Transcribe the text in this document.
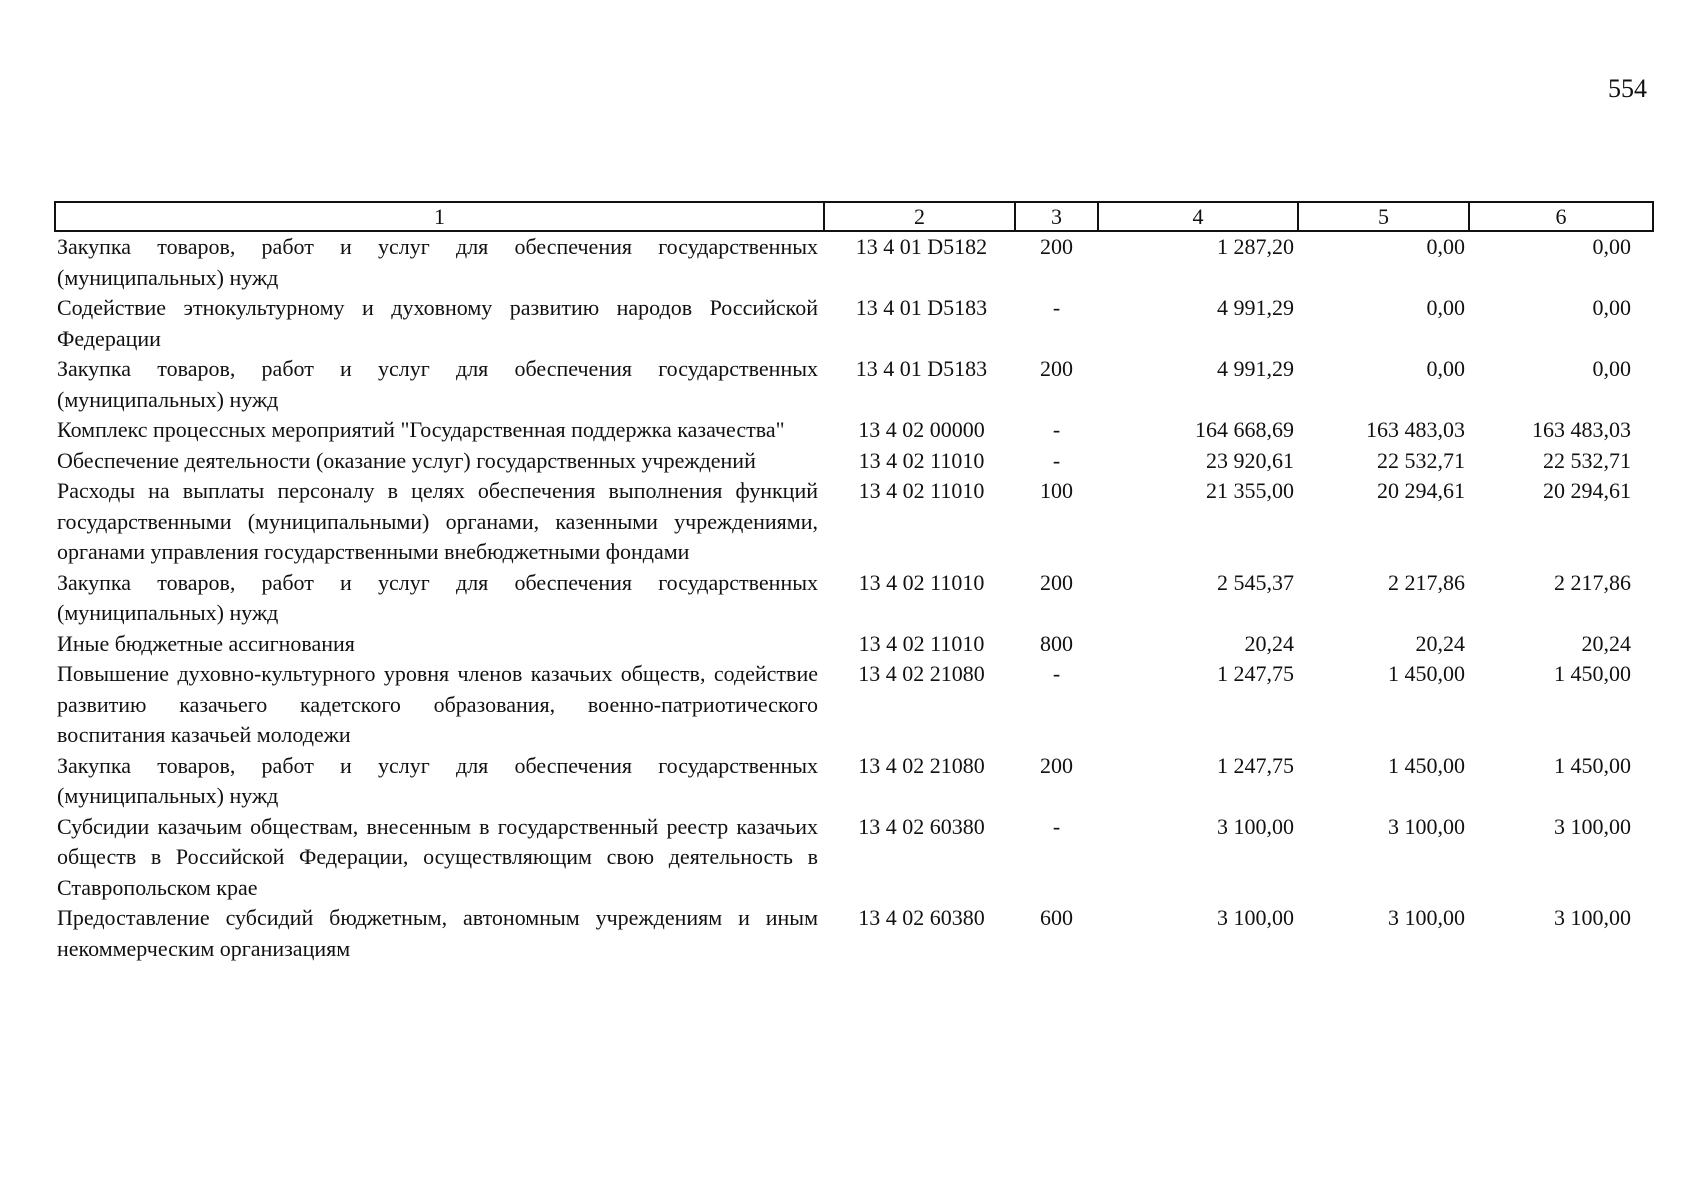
554
1	2	3	4	5	6
Закупка товаров, работ и услуг для обеспечения государственных (муниципальных) нужд	13 4 01 D5182	200	1 287,20	0,00	0,00
Содействие этнокультурному и духовному развитию народов Российской Федерации	13 4 01 D5183	-	4 991,29	0,00	0,00
Закупка товаров, работ и услуг для обеспечения государственных (муниципальных) нужд	13 4 01 D5183	200	4 991,29	0,00	0,00
Комплекс процессных мероприятий "Государственная поддержка казачества"	13 4 02 00000	-	164 668,69	163 483,03	163 483,03
Обеспечение деятельности (оказание услуг) государственных учреждений	13 4 02 11010	-	23 920,61	22 532,71	22 532,71
Расходы на выплаты персоналу в целях обеспечения выполнения функций государственными (муниципальными) органами, казенными учреждениями, органами управления государственными внебюджетными фондами	13 4 02 11010	100	21 355,00	20 294,61	20 294,61
Закупка товаров, работ и услуг для обеспечения государственных (муниципальных) нужд	13 4 02 11010	200	2 545,37	2 217,86	2 217,86
Иные бюджетные ассигнования	13 4 02 11010	800	20,24	20,24	20,24
Повышение духовно-культурного уровня членов казачьих обществ, содействие развитию казачьего кадетского образования, военно-патриотического воспитания казачьей молодежи	13 4 02 21080	-	1 247,75	1 450,00	1 450,00
Закупка товаров, работ и услуг для обеспечения государственных (муниципальных) нужд	13 4 02 21080	200	1 247,75	1 450,00	1 450,00
Субсидии казачьим обществам, внесенным в государственный реестр казачьих обществ в Российской Федерации, осуществляющим свою деятельность в Ставропольском крае	13 4 02 60380	-	3 100,00	3 100,00	3 100,00
Предоставление субсидий бюджетным, автономным учреждениям и иным некоммерческим организациям	13 4 02 60380	600	3 100,00	3 100,00	3 100,00
